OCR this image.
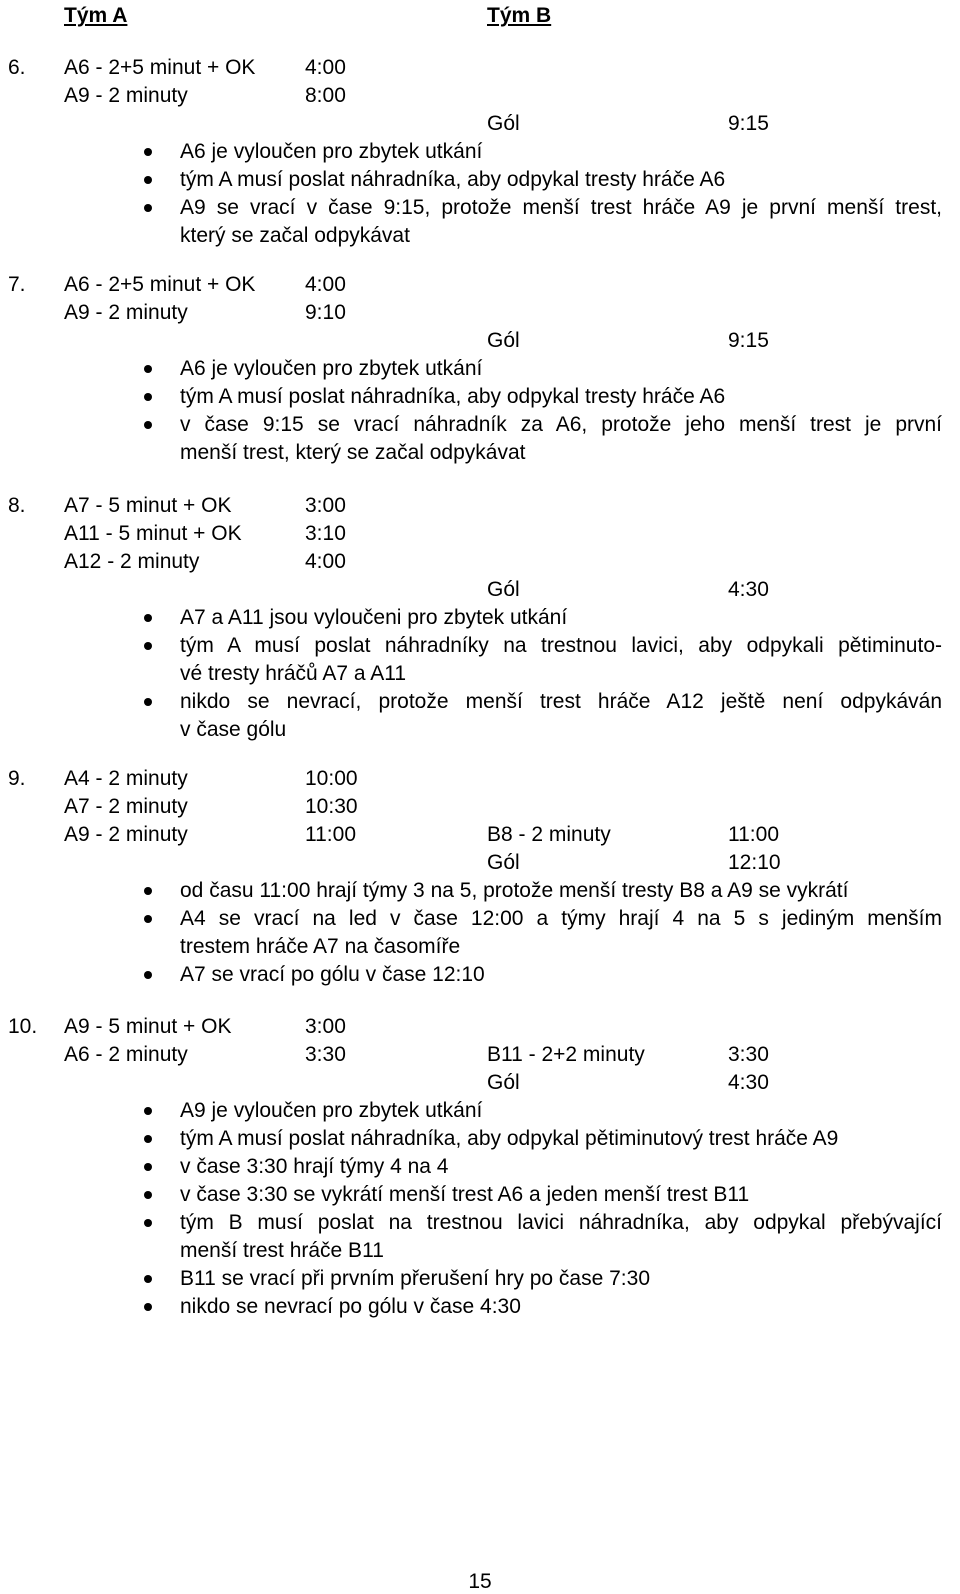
Tým A	Tým B
6. A6 - 2+5 minut + OK 4:00
A9 - 2 minuty	8:00
Gól	9:15
A6 je vyloučen pro zbytek utkání
tým A musí poslat náhradníka, aby odpykal tresty hráče A6
A9 se vrací v čase 9:15, protože menší trest hráče A9 je první menší trest,
který se začal odpykávat
7. A6 - 2+5 minut + OK 4:00
A9 - 2 minuty	9:10
Gól	9:15
A6 je vyloučen pro zbytek utkání
tým A musí poslat náhradníka, aby odpykal tresty hráče A6
v čase 9:15 se vrací náhradník za A6, protože jeho menší trest je první
menší trest, který se začal odpykávat
8. A7 - 5 minut + OK	3:00
A11 - 5 minut + OK	3:10
A12 - 2 minuty	4:00
Gól	4:30
A7 a A11 jsou vyloučeni pro zbytek utkání
tým A musí poslat náhradníky na trestnou lavici, aby odpykali pětiminuto-
vé tresty hráčů A7 a A11
nikdo se nevrací, protože menší trest hráče A12 ještě není odpykáván
v čase gólu
9. A4 - 2 minuty	10:00
A7 - 2 minuty	10:30
A9 - 2 minuty	11:00	B8 - 2 minuty	11:00
Gól	12:10
od času 11:00 hrají týmy 3 na 5, protože menší tresty B8 a A9 se vykrátí
A4 se vrací na led v čase 12:00 a týmy hrají 4 na 5 s jediným menším
trestem hráče A7 na časomíře
A7 se vrací po gólu v čase 12:10
10. A9 - 5 minut + OK	3:00
A6 - 2 minuty	3:30	B11 - 2+2 minuty	3:30
Gól	4:30
A9 je vyloučen pro zbytek utkání
tým A musí poslat náhradníka, aby odpykal pětiminutový trest hráče A9
v čase 3:30 hrají týmy 4 na 4
v čase 3:30 se vykrátí menší trest A6 a jeden menší trest B11
tým B musí poslat na trestnou lavici náhradníka, aby odpykal přebývající
menší trest hráče B11
B11 se vrací při prvním přerušení hry po čase 7:30
nikdo se nevrací po gólu v čase 4:30
15
